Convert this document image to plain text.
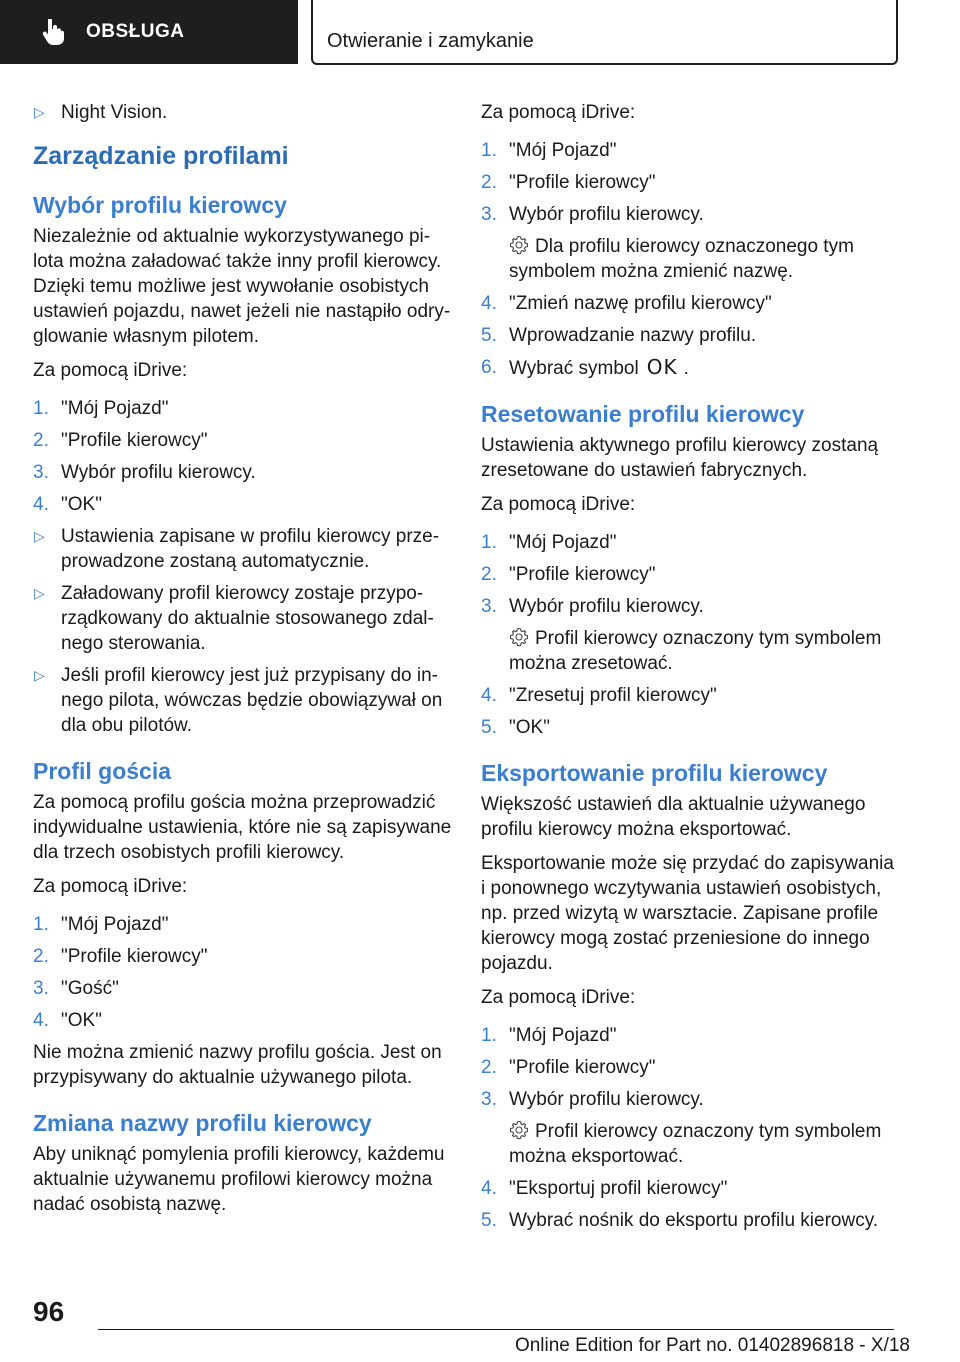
OBSŁUGA	Otwieranie i zamykanie
▷ Night Vision.
Zarządzanie profilami
Wybór profilu kierowcy

Niezależnie od aktualnie wykorzystywanego pilota można załadować także inny profil kierowcy. Dzięki temu możliwe jest wywołanie osobistych ustawień pojazdu, nawet jeżeli nie nastąpiło odryglowanie własnym pilotem.

Za pomocą iDrive:

1. "Mój Pojazd"
2. "Profile kierowcy"
3. Wybór profilu kierowcy.
4. "OK"
▷ Ustawienia zapisane w profilu kierowcy przeprowadzone zostaną automatycznie.
▷ Załadowany profil kierowcy zostaje przyporządkowany do aktualnie stosowanego zdalnego sterowania.
▷ Jeśli profil kierowcy jest już przypisany do innego pilota, wówczas będzie obowiązywał on dla obu pilotów.
Profil gościa

Za pomocą profilu gościa można przeprowadzić indywidualne ustawienia, które nie są zapisywane dla trzech osobistych profili kierowcy.

Za pomocą iDrive:

1. "Mój Pojazd"
2. "Profile kierowcy"
3. "Gość"
4. "OK"

Nie można zmienić nazwy profilu gościa. Jest on przypisywany do aktualnie używanego pilota.

Zmiana nazwy profilu kierowcy

Aby uniknąć pomylenia profili kierowcy, każdemu aktualnie używanemu profilowi kierowcy można nadać osobistą nazwę.

Za pomocą iDrive:

1. "Mój Pojazd"
2. "Profile kierowcy"
3. Wybór profilu kierowcy.
Dla profilu kierowcy oznaczonego tym symbolem można zmienić nazwę.
4. "Zmień nazwę profilu kierowcy"
5. Wprowadzanie nazwy profilu.
6. Wybrać symbol OK .
Resetowanie profilu kierowcy

Ustawienia aktywnego profilu kierowcy zostaną zresetowane do ustawień fabrycznych.

Za pomocą iDrive:

1. "Mój Pojazd"
2. "Profile kierowcy"
3. Wybór profilu kierowcy.
Profil kierowcy oznaczony tym symbolem można zresetować.
4. "Zresetuj profil kierowcy"
5. "OK"
Eksportowanie profilu kierowcy

Większość ustawień dla aktualnie używanego profilu kierowcy można eksportować.

Eksportowanie może się przydać do zapisywania i ponownego wczytywania ustawień osobistych, np. przed wizytą w warsztacie. Zapisane profile kierowcy mogą zostać przeniesione do innego pojazdu.

Za pomocą iDrive:

1. "Mój Pojazd"
2. "Profile kierowcy"
3. Wybór profilu kierowcy.
Profil kierowcy oznaczony tym symbolem można eksportować.
4. "Eksportuj profil kierowcy"
5. Wybrać nośnik do eksportu profilu kierowcy.
96
Online Edition for Part no. 01402896818 - X/18
